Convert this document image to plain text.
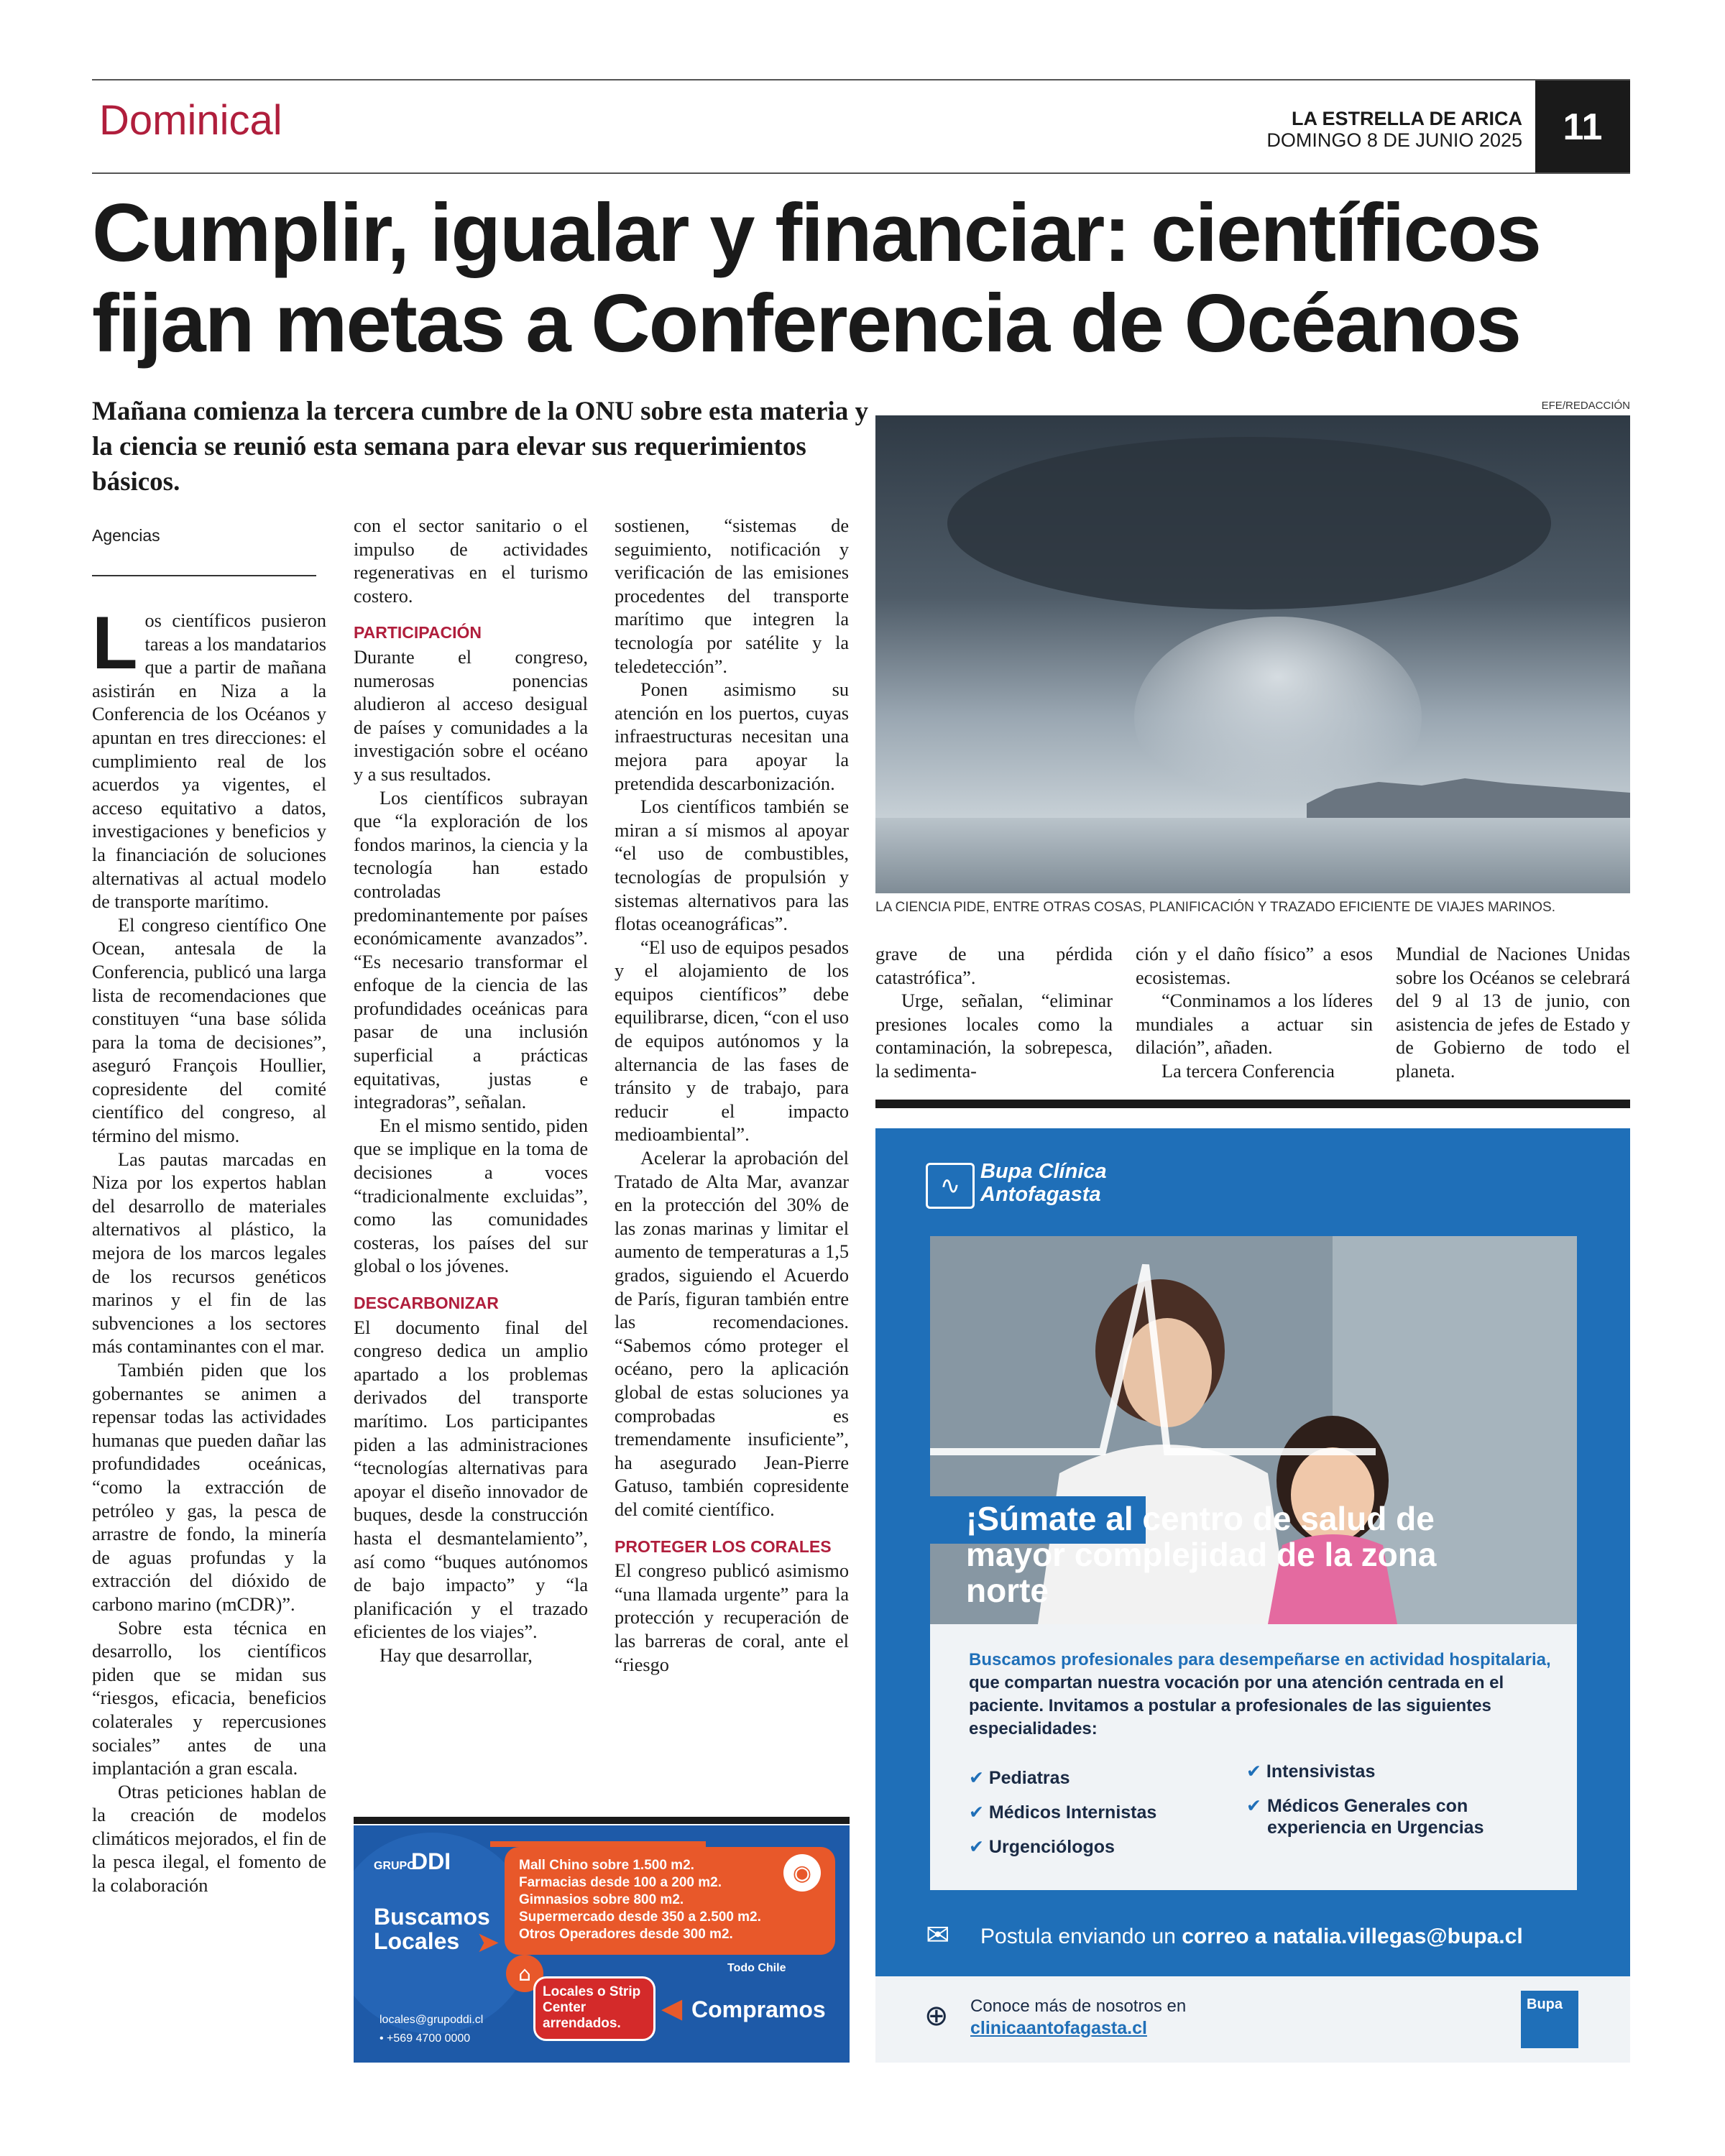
Dominical	LA ESTRELLA DE ARICA
DOMINGO 8 DE JUNIO 2025	11
Cumplir, igualar y financiar: científicos fijan metas a Conferencia de Océanos
Mañana comienza la tercera cumbre de la ONU sobre esta materia y la ciencia se reunió esta semana para elevar sus requerimientos básicos.
Agencias
EFE/REDACCIÓN
LA CIENCIA PIDE, ENTRE OTRAS COSAS, PLANIFICACIÓN Y TRAZADO EFICIENTE DE VIAJES MARINOS.
L os científicos pusieron tareas a los mandatarios que a partir de mañana asistirán en Niza a la Conferencia de los Océanos y apuntan en tres direcciones: el cumplimiento real de los acuerdos ya vigentes, el acceso equitativo a datos, investigaciones y beneficios y la financiación de soluciones alternativas al actual modelo de transporte marítimo.

El congreso científico One Ocean, antesala de la Conferencia, publicó una larga lista de recomendaciones que constituyen “una base sólida para la toma de decisiones”, aseguró François Houllier, copresidente del comité científico del congreso, al término del mismo.

Las pautas marcadas en Niza por los expertos hablan del desarrollo de materiales alternativos al plástico, la mejora de los marcos legales de los recursos genéticos marinos y el fin de las subvenciones a los sectores más contaminantes con el mar.

También piden que los gobernantes se animen a repensar todas las actividades humanas que pueden dañar las profundidades oceánicas, “como la extracción de petróleo y gas, la pesca de arrastre de fondo, la minería de aguas profundas y la extracción del dióxido de carbono marino (mCDR)”.

Sobre esta técnica en desarrollo, los científicos piden que se midan sus “riesgos, eficacia, beneficios colaterales y repercusiones sociales” antes de una implantación a gran escala.

Otras peticiones hablan de la creación de modelos climáticos mejorados, el fin de la pesca ilegal, el fomento de la colaboración

con el sector sanitario o el impulso de actividades regenerativas en el turismo costero.

PARTICIPACIÓN

Durante el congreso, numerosas ponencias aludieron al acceso desigual de países y comunidades a la investigación sobre el océano y a sus resultados.

Los científicos subrayan que “la exploración de los fondos marinos, la ciencia y la tecnología han estado controladas predominantemente por países económicamente avanzados”. “Es necesario transformar el enfoque de la ciencia de las profundidades oceánicas para pasar de una inclusión superficial a prácticas equitativas, justas e integradoras”, señalan.

En el mismo sentido, piden que se implique en la toma de decisiones a voces “tradicionalmente excluidas”, como las comunidades costeras, los países del sur global o los jóvenes.

DESCARBONIZAR

El documento final del congreso dedica un amplio apartado a los problemas derivados del transporte marítimo. Los participantes piden a las administraciones “tecnologías alternativas para apoyar el diseño innovador de buques, desde la construcción hasta el desmantelamiento”, así como “buques autónomos de bajo impacto” y “la planificación y el trazado eficientes de los viajes”.

Hay que desarrollar,

sostienen, “sistemas de seguimiento, notificación y verificación de las emisiones procedentes del transporte marítimo que integren la tecnología por satélite y la teledetección”.

Ponen asimismo su atención en los puertos, cuyas infraestructuras necesitan una mejora para apoyar la pretendida descarbonización.

Los científicos también se miran a sí mismos al apoyar “el uso de combustibles, tecnologías de propulsión y sistemas alternativos para las flotas oceanográficas”.

“El uso de equipos pesados y el alojamiento de los equipos científicos” debe equilibrarse, dicen, “con el uso de equipos autónomos y la alternancia de las fases de tránsito y de trabajo, para reducir el impacto medioambiental”.

Acelerar la aprobación del Tratado de Alta Mar, avanzar en la protección del 30% de las zonas marinas y limitar el aumento de temperaturas a 1,5 grados, siguiendo el Acuerdo de París, figuran también entre las recomendaciones. “Sabemos cómo proteger el océano, pero la aplicación global de estas soluciones ya comprobadas es tremendamente insuficiente”, ha asegurado Jean-Pierre Gatuso, también copresidente del comité científico.

PROTEGER LOS CORALES

El congreso publicó asimismo “una llamada urgente” para la protección y recuperación de las barreras de coral, ante el “riesgo

grave de una pérdida catastrófica”.

Urge, señalan, “eliminar presiones locales como la contaminación, la sobrepesca, la sedimenta-

ción y el daño físico” a esos ecosistemas.

“Conminamos a los líderes mundiales a actuar sin dilación”, añaden.

La tercera Conferencia

Mundial de Naciones Unidas sobre los Océanos se celebrará del 9 al 13 de junio, con asistencia de jefes de Estado y de Gobierno de todo el planeta.

GRUPO
DDI
Buscamos Locales ➤
Mall Chino sobre 1.500 m2.
Farmacias desde 100 a 200 m2.
Gimnasios sobre 800 m2.
Supermercado desde 350 a 2.500 m2.
Otros Operadores desde 300 m2.
◉
Todo Chile
⌂
Locales o Strip Center arrendados.	◀ Compramos
locales@grupoddi.cl
• +569 4700 0000
∿ Bupa Clínica Antofagasta
¡Súmate al centro de salud de mayor complejidad de la zona norte
Buscamos profesionales para desempeñarse en actividad hospitalaria, que compartan nuestra vocación por una atención centrada en el paciente. Invitamos a postular a profesionales de las siguientes especialidades:
✔ Pediatras
✔ Médicos Internistas
✔ Urgenciólogos
✔ Intensivistas
✔ Médicos Generales con experiencia en Urgencias
✉ Postula enviando un correo a natalia.villegas@bupa.cl
⊕ Conoce más de nosotros en
clinicaantofagasta.cl
Bupa
